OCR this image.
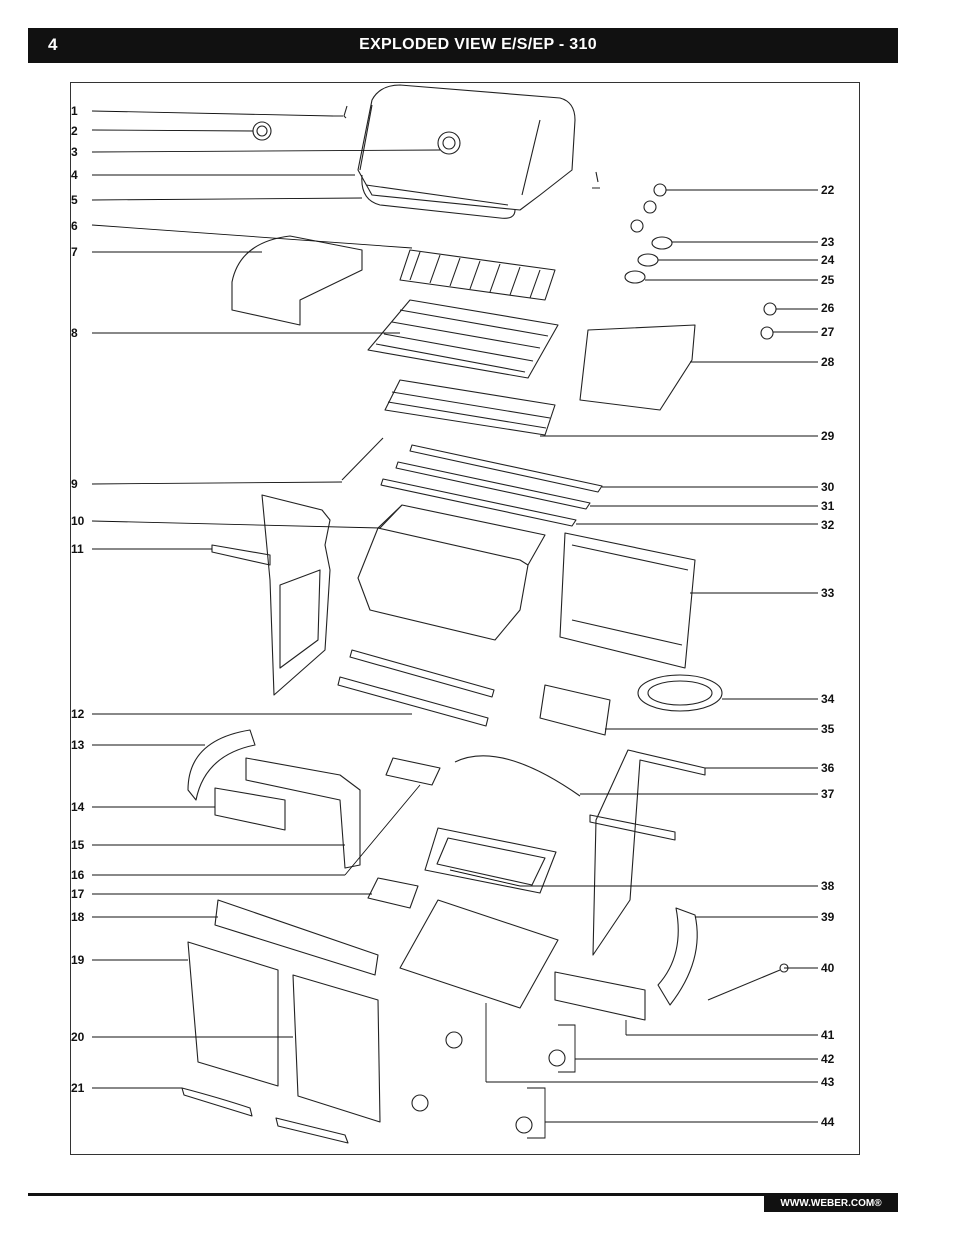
4	EXPLODED VIEW E/S/EP - 310
1
2
3
4
5
6
7
8
9
10
11
12
13
14
15
16
17
18
19
20
21
22
23
24
25
26
27
28
29
30
31
32
33
34
35
36
37
38
39
40
41
42
43
44
WWW.WEBER.COM®
